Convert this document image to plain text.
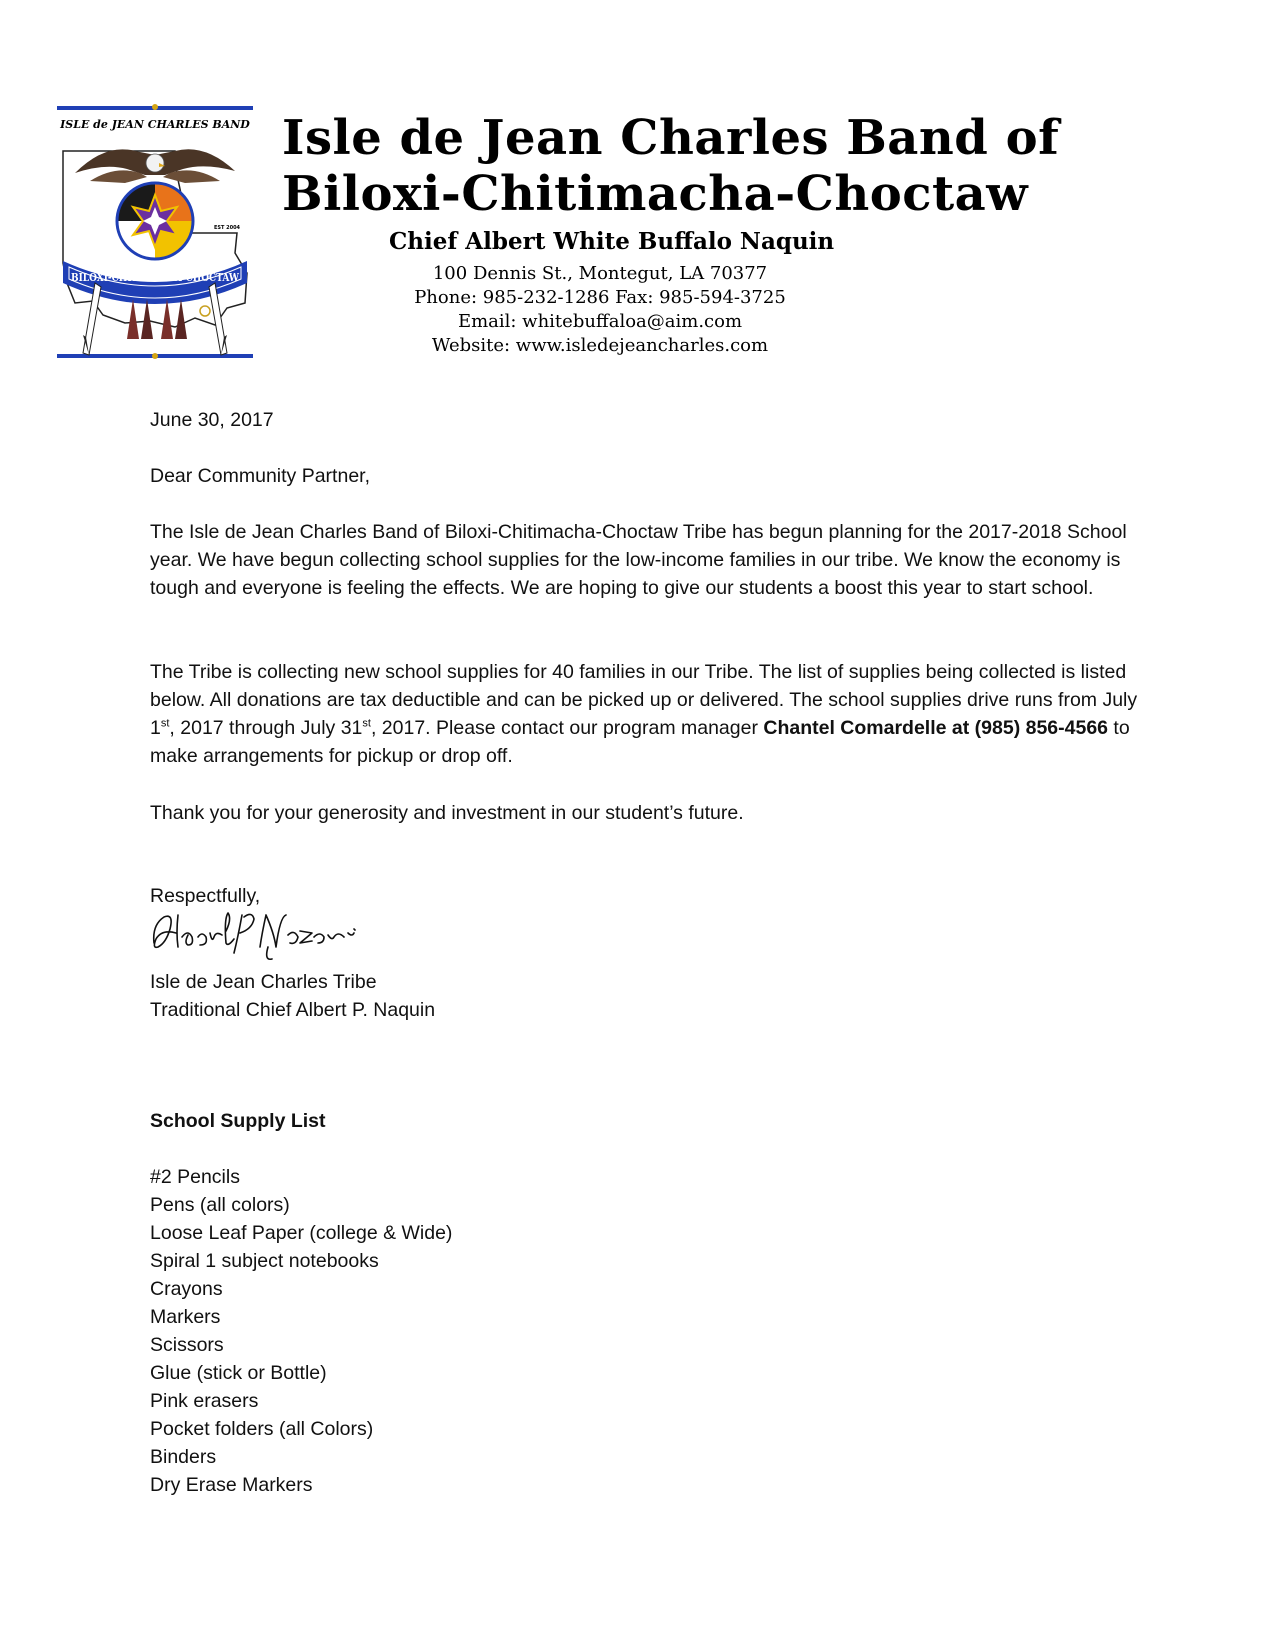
ISLE de JEAN CHARLES BAND
EST 2004
BILOXI-CHITIMACHA-CHOCTAW
Isle de Jean Charles Band of
Biloxi-Chitimacha-Choctaw
Chief Albert White Buffalo Naquin
100 Dennis St., Montegut, LA 70377
Phone: 985-232-1286 Fax: 985-594-3725
Email: whitebuffaloa@aim.com
Website: www.isledejeancharles.com
June 30, 2017
Dear Community Partner,
The Isle de Jean Charles Band of Biloxi-Chitimacha-Choctaw Tribe has begun planning for the 2017-2018 School year. We have begun collecting school supplies for the low-income families in our tribe. We know the economy is tough and everyone is feeling the effects. We are hoping to give our students a boost this year to start school.
The Tribe is collecting new school supplies for 40 families in our Tribe. The list of supplies being collected is listed below. All donations are tax deductible and can be picked up or delivered. The school supplies drive runs from July 1st, 2017 through July 31st, 2017. Please contact our program manager Chantel Comardelle at (985) 856-4566 to make arrangements for pickup or drop off.
Thank you for your generosity and investment in our student’s future.
Respectfully,
Isle de Jean Charles Tribe
Traditional Chief Albert P. Naquin
School Supply List
#2 Pencils
Pens (all colors)
Loose Leaf Paper (college & Wide)
Spiral 1 subject notebooks
Crayons
Markers
Scissors
Glue (stick or Bottle)
Pink erasers
Pocket folders (all Colors)
Binders
Dry Erase Markers
